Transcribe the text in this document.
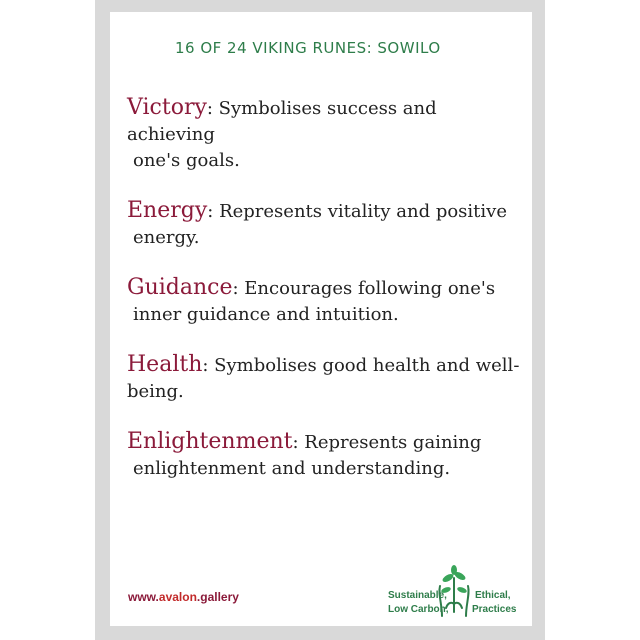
16 OF 24 VIKING RUNES: SOWILO
Victory: Symbolises success and achieving
one's goals.
Energy: Represents vitality and positive
energy.
Guidance: Encourages following one's
inner guidance and intuition.
Health: Symbolises good health and well-being.
Enlightenment: Represents gaining
enlightenment and understanding.
www.avalon.gallery	Sustainable,
Low Carbon,
Ethical,
Practices
